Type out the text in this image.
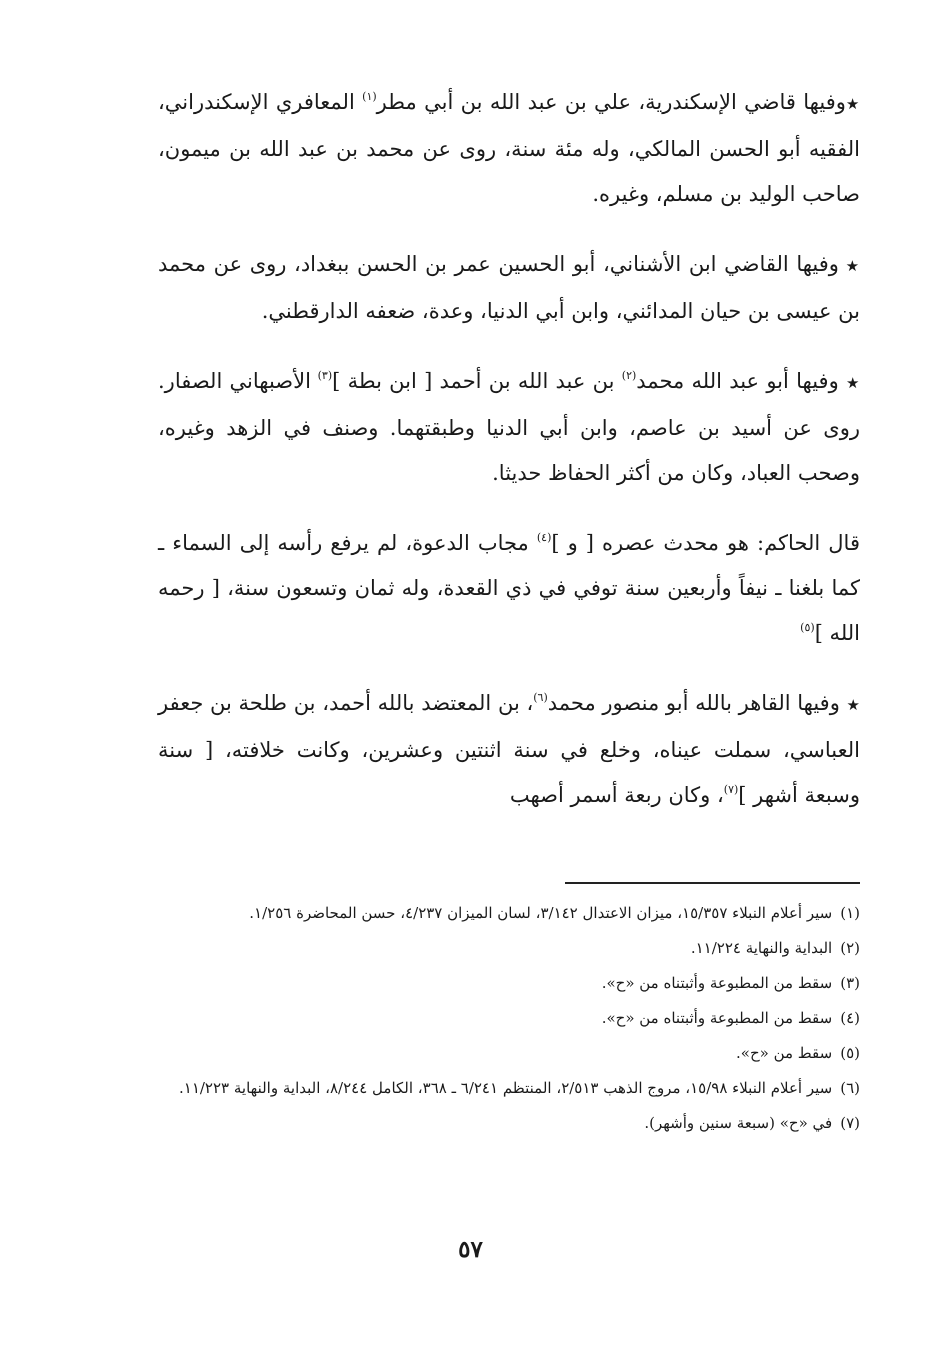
★وفيها قاضي الإسكندرية، علي بن عبد الله بن أبي مطر$^{(١)}$ المعافري الإسكندراني، الفقيه أبو الحسن المالكي، وله مئة سنة، روى عن محمد بن عبد الله بن ميمون، صاحب الوليد بن مسلم، وغيره.

★ وفيها القاضي ابن الأشناني، أبو الحسين عمر بن الحسن ببغداد، روى عن محمد بن عيسى بن حيان المدائني، وابن أبي الدنيا، وعدة، ضعفه الدارقطني.

★ وفيها أبو عبد الله محمد$^{(٢)}$ بن عبد الله بن أحمد [ ابن بطة ]$^{(٣)}$ الأصبهاني الصفار. روى عن أسيد بن عاصم، وابن أبي الدنيا وطبقتهما. وصنف في الزهد وغيره، وصحب العباد، وكان من أكثر الحفاظ حديثا.

قال الحاكم: هو محدث عصره [ و ]$^{(٤)}$ مجاب الدعوة، لم يرفع رأسه إلى السماء ـ كما بلغنا ـ نيفاً وأربعين سنة توفي في ذي القعدة، وله ثمان وتسعون سنة، [ رحمه الله ]$^{(٥)}$

★ وفيها القاهر بالله أبو منصور محمد$^{(٦)}$، بن المعتضد بالله أحمد، بن طلحة بن جعفر العباسي، سملت عيناه، وخلع في سنة اثنتين وعشرين، وكانت خلافته، [ سنة وسبعة أشهر ]$^{(٧)}$، وكان ربعة أسمر أصهب

(١)
سير أعلام النبلاء ١٥/٣٥٧، ميزان الاعتدال ٣/١٤٢، لسان الميزان ٤/٢٣٧، حسن المحاضرة ١/٢٥٦.
(٢)
البداية والنهاية ١١/٢٢٤.
(٣)
سقط من المطبوعة وأثبتناه من «ح».
(٤)
سقط من المطبوعة وأثبتناه من «ح».
(٥)
سقط من «ح».
(٦)
سير أعلام النبلاء ١٥/٩٨، مروج الذهب ٢/٥١٣، المنتظم ٦/٢٤١ ـ ٣٦٨، الكامل ٨/٢٤٤، البداية والنهاية ١١/٢٢٣.
(٧)
في «ح» (سبعة سنين وأشهر).
٥٧
